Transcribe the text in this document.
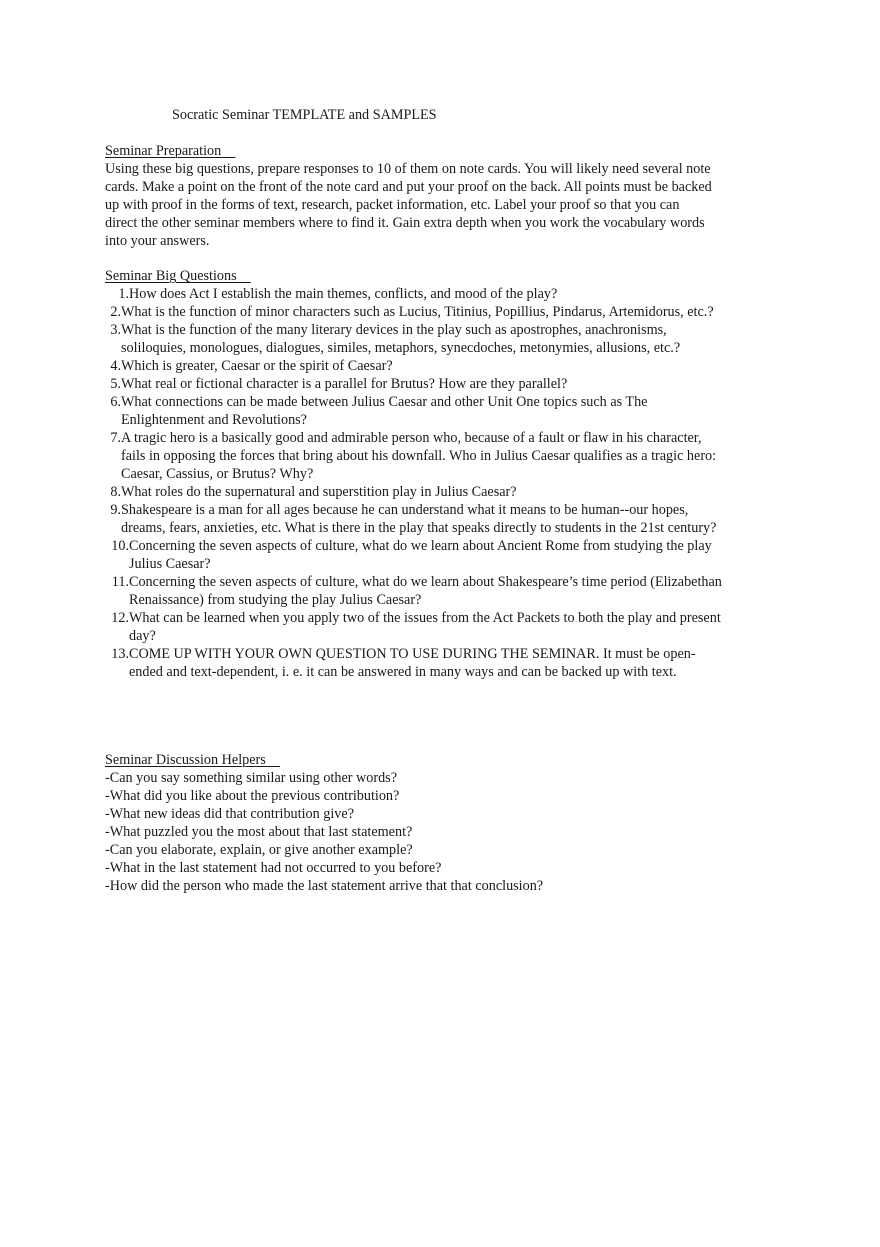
Socratic Seminar TEMPLATE and SAMPLES
Seminar Preparation

Using these big questions, prepare responses to 10 of them on note cards. You will likely need several note cards. Make a point on the front of the note card and put your proof on the back. All points must be backed up with proof in the forms of text, research, packet information, etc. Label your proof so that you can direct the other seminar members where to find it. Gain extra depth when you work the vocabulary words into your answers.

Seminar Big Questions
1. How does Act I establish the main themes, conflicts, and mood of the play?
2. What is the function of minor characters such as Lucius, Titinius, Popillius, Pindarus, Artemidorus, etc.?
3. What is the function of the many literary devices in the play such as apostrophes, anachronisms, soliloquies, monologues, dialogues, similes, metaphors, synecdoches, metonymies, allusions, etc.?
4. Which is greater, Caesar or the spirit of Caesar?
5. What real or fictional character is a parallel for Brutus? How are they parallel?
6. What connections can be made between Julius Caesar and other Unit One topics such as The Enlightenment and Revolutions?
7. A tragic hero is a basically good and admirable person who, because of a fault or flaw in his character, fails in opposing the forces that bring about his downfall. Who in Julius Caesar qualifies as a tragic hero: Caesar, Cassius, or Brutus? Why?
8. What roles do the supernatural and superstition play in Julius Caesar?
9. Shakespeare is a man for all ages because he can understand what it means to be human--our hopes, dreams, fears, anxieties, etc. What is there in the play that speaks directly to students in the 21st century?
10. Concerning the seven aspects of culture, what do we learn about Ancient Rome from studying the play Julius Caesar?
11. Concerning the seven aspects of culture, what do we learn about Shakespeare’s time period (Elizabethan Renaissance) from studying the play Julius Caesar?
12. What can be learned when you apply two of the issues from the Act Packets to both the play and present day?
13. COME UP WITH YOUR OWN QUESTION TO USE DURING THE SEMINAR. It must be open-ended and text-dependent, i. e. it can be answered in many ways and can be backed up with text.
Seminar Discussion Helpers
-Can you say something similar using other words?
-What did you like about the previous contribution?
-What new ideas did that contribution give?
-What puzzled you the most about that last statement?
-Can you elaborate, explain, or give another example?
-What in the last statement had not occurred to you before?
-How did the person who made the last statement arrive that that conclusion?
